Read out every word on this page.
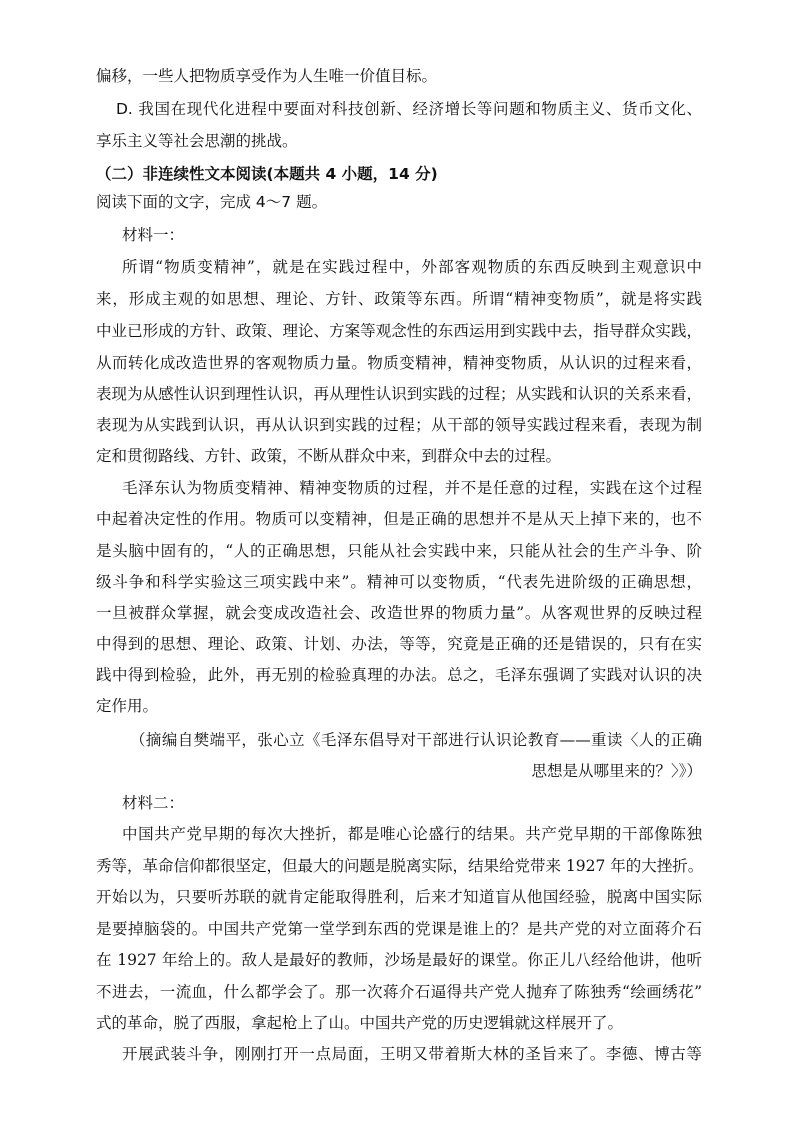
偏移，一些人把物质享受作为人生唯一价值目标。
D. 我国在现代化进程中要面对科技创新、经济增长等问题和物质主义、货币文化、
享乐主义等社会思潮的挑战。
（二）非连续性文本阅读(本题共 4 小题，14 分)
阅读下面的文字，完成 4～7 题。
材料一：
所谓“物质变精神”，就是在实践过程中，外部客观物质的东西反映到主观意识中
来，形成主观的如思想、理论、方针、政策等东西。所谓“精神变物质”，就是将实践
中业已形成的方针、政策、理论、方案等观念性的东西运用到实践中去，指导群众实践，
从而转化成改造世界的客观物质力量。物质变精神，精神变物质，从认识的过程来看，
表现为从感性认识到理性认识，再从理性认识到实践的过程；从实践和认识的关系来看，
表现为从实践到认识，再从认识到实践的过程；从干部的领导实践过程来看，表现为制
定和贯彻路线、方针、政策，不断从群众中来，到群众中去的过程。
毛泽东认为物质变精神、精神变物质的过程，并不是任意的过程，实践在这个过程
中起着决定性的作用。物质可以变精神，但是正确的思想并不是从天上掉下来的，也不
是头脑中固有的，“人的正确思想，只能从社会实践中来，只能从社会的生产斗争、阶
级斗争和科学实验这三项实践中来”。精神可以变物质，“代表先进阶级的正确思想，
一旦被群众掌握，就会变成改造社会、改造世界的物质力量”。从客观世界的反映过程
中得到的思想、理论、政策、计划、办法，等等，究竟是正确的还是错误的，只有在实
践中得到检验，此外，再无别的检验真理的办法。总之，毛泽东强调了实践对认识的决
定作用。
（摘编自樊端平，张心立《毛泽东倡导对干部进行认识论教育——重读〈人的正确
思想是从哪里来的？〉》）
材料二：
中国共产党早期的每次大挫折，都是唯心论盛行的结果。共产党早期的干部像陈独
秀等，革命信仰都很坚定，但最大的问题是脱离实际，结果给党带来 1927 年的大挫折。
开始以为，只要听苏联的就肯定能取得胜利，后来才知道盲从他国经验，脱离中国实际
是要掉脑袋的。中国共产党第一堂学到东西的党课是谁上的？是共产党的对立面蒋介石
在 1927 年给上的。敌人是最好的教师，沙场是最好的课堂。你正儿八经给他讲，他听
不进去，一流血，什么都学会了。那一次蒋介石逼得共产党人抛弃了陈独秀“绘画绣花”
式的革命，脱了西服，拿起枪上了山。中国共产党的历史逻辑就这样展开了。
开展武装斗争，刚刚打开一点局面，王明又带着斯大林的圣旨来了。李德、博古等
